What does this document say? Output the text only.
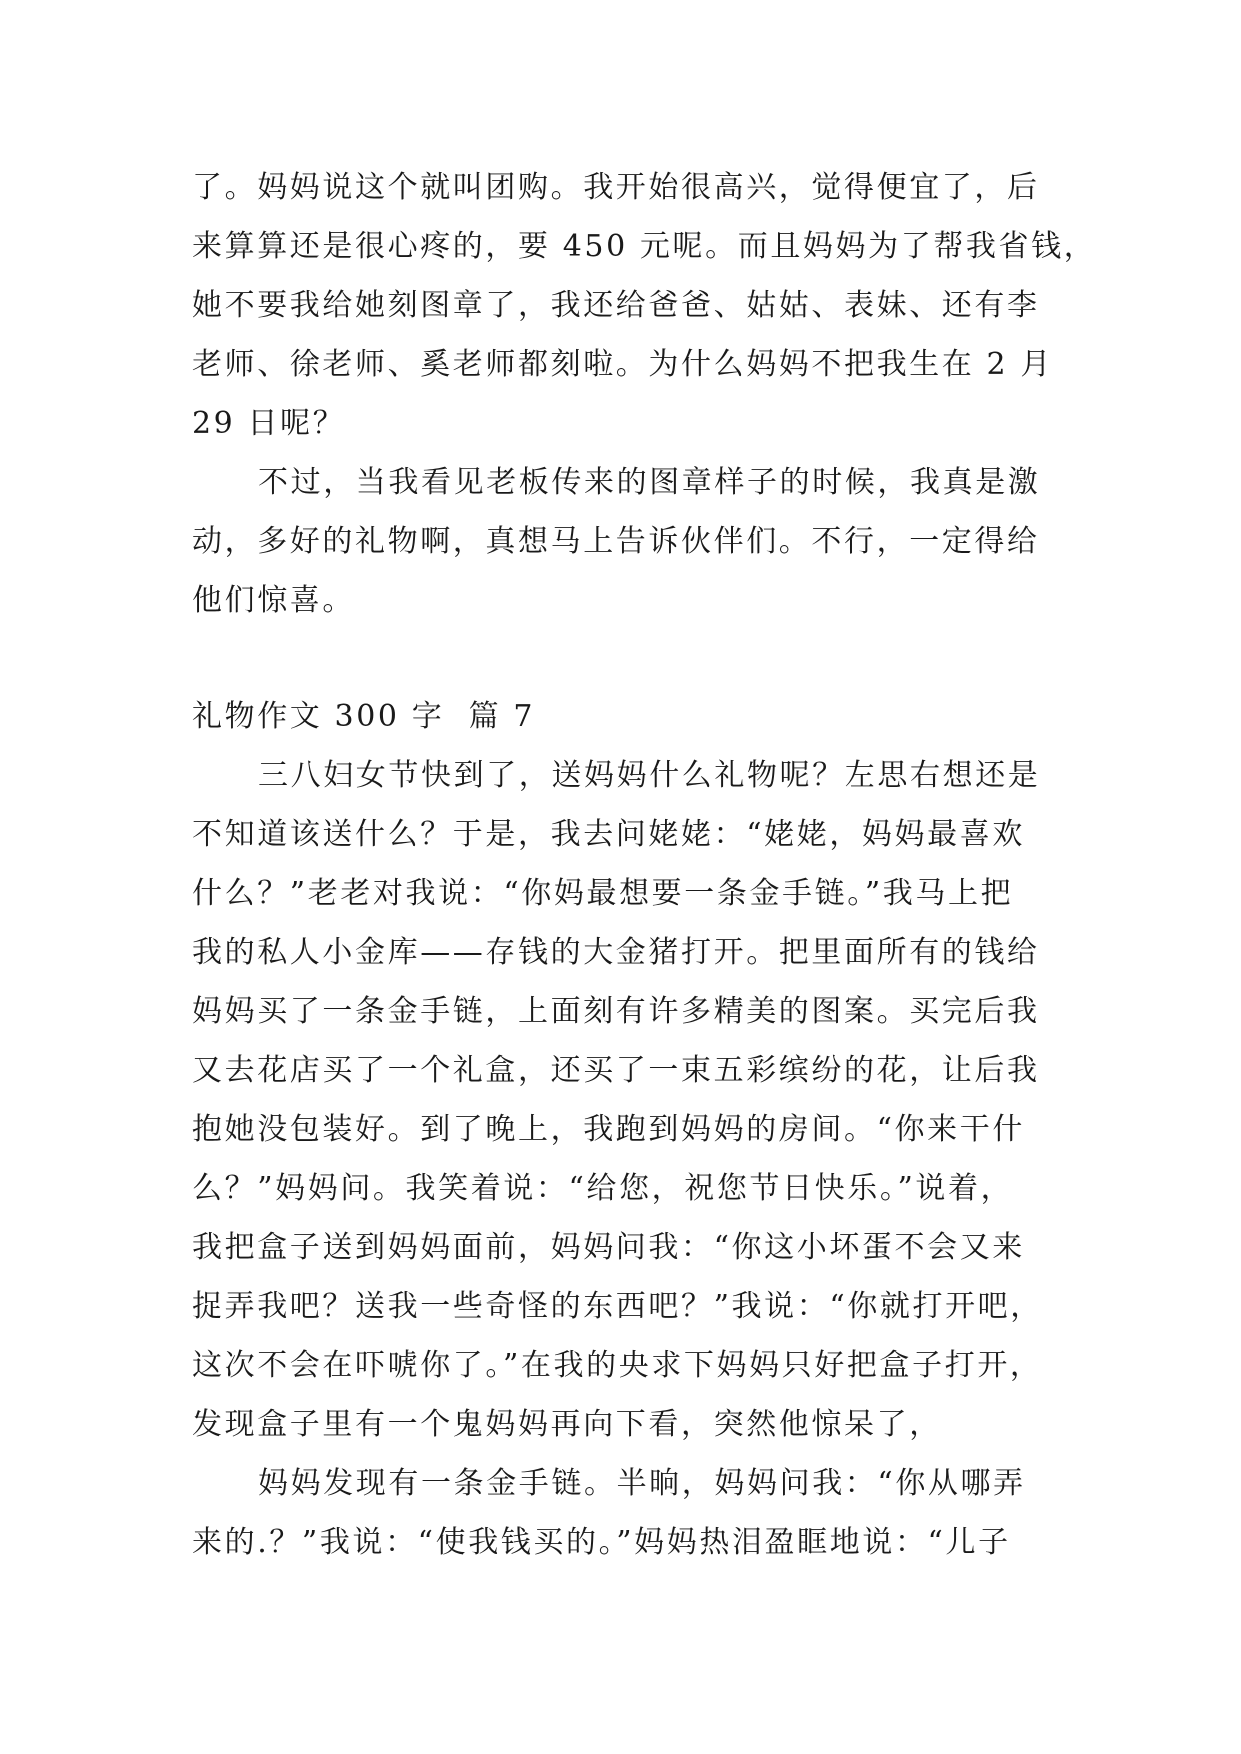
了。妈妈说这个就叫团购。我开始很高兴，觉得便宜了，后
来算算还是很心疼的，要 450 元呢。而且妈妈为了帮我省钱，
她不要我给她刻图章了，我还给爸爸、姑姑、表妹、还有李
老师、徐老师、奚老师都刻啦。为什么妈妈不把我生在 2 月
29 日呢？
不过，当我看见老板传来的图章样子的时候，我真是激
动，多好的礼物啊，真想马上告诉伙伴们。不行，一定得给
他们惊喜。
礼物作文 300 字  篇 7
三八妇女节快到了，送妈妈什么礼物呢？左思右想还是
不知道该送什么？于是，我去问姥姥：“姥姥，妈妈最喜欢
什么？”老老对我说：“你妈最想要一条金手链。”我马上把
我的私人小金库——存钱的大金猪打开。把里面所有的钱给
妈妈买了一条金手链，上面刻有许多精美的图案。买完后我
又去花店买了一个礼盒，还买了一束五彩缤纷的花，让后我
抱她没包装好。到了晚上，我跑到妈妈的房间。“你来干什
么？”妈妈问。我笑着说：“给您，祝您节日快乐。”说着，
我把盒子送到妈妈面前，妈妈问我：“你这小坏蛋不会又来
捉弄我吧？送我一些奇怪的东西吧？”我说：“你就打开吧，
这次不会在吓唬你了。”在我的央求下妈妈只好把盒子打开，
发现盒子里有一个鬼妈妈再向下看，突然他惊呆了，
妈妈发现有一条金手链。半晌，妈妈问我：“你从哪弄
来的.？”我说：“使我钱买的。”妈妈热泪盈眶地说：“儿子
